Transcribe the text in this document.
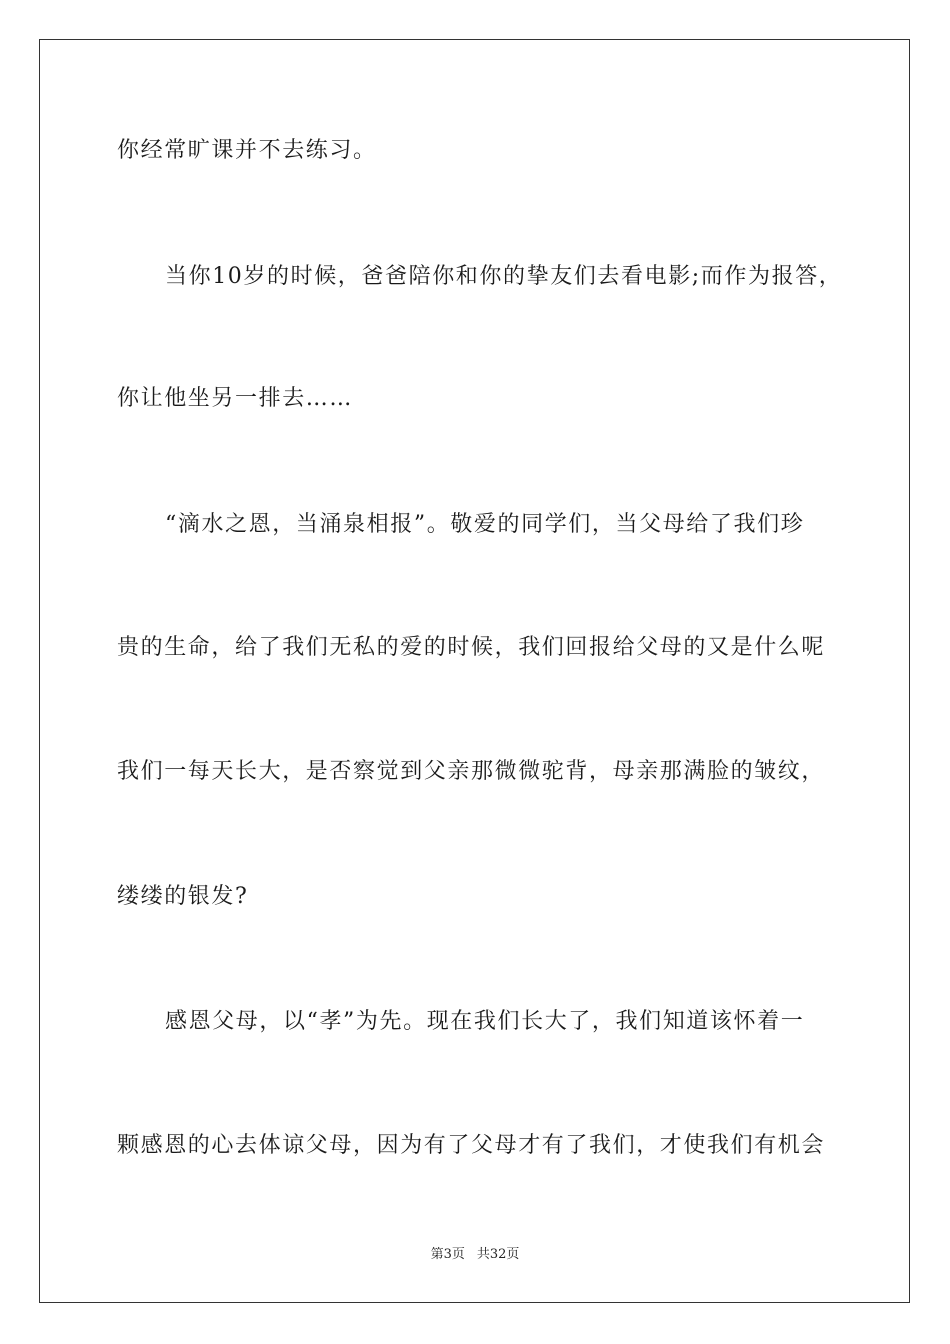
你经常旷课并不去练习。
当你10岁的时候，爸爸陪你和你的挚友们去看电影;而作为报答，
你让他坐另一排去……
“滴水之恩，当涌泉相报”。敬爱的同学们，当父母给了我们珍
贵的生命，给了我们无私的爱的时候，我们回报给父母的又是什么呢
我们一每天长大，是否察觉到父亲那微微驼背，母亲那满脸的皱纹，
缕缕的银发?
感恩父母，以“孝”为先。现在我们长大了，我们知道该怀着一
颗感恩的心去体谅父母，因为有了父母才有了我们，才使我们有机会
第3页 共32页
